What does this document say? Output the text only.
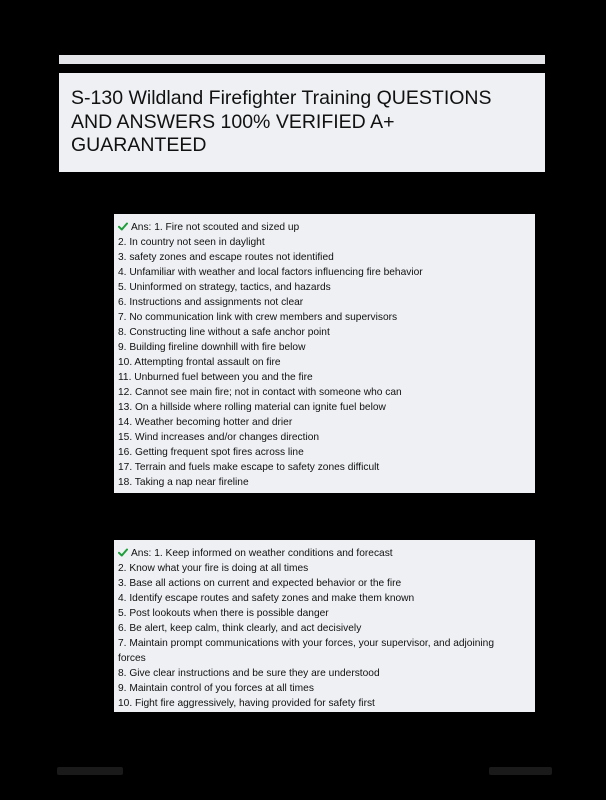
S-130 Wildland Firefighter Training QUESTIONS AND ANSWERS 100% VERIFIED A+ GUARANTEED
Ans: 1. Fire not scouted and sized up
2. In country not seen in daylight
3. safety zones and escape routes not identified
4. Unfamiliar with weather and local factors influencing fire behavior
5. Uninformed on strategy, tactics, and hazards
6. Instructions and assignments not clear
7. No communication link with crew members and supervisors
8. Constructing line without a safe anchor point
9. Building fireline downhill with fire below
10. Attempting frontal assault on fire
11. Unburned fuel between you and the fire
12. Cannot see main fire; not in contact with someone who can
13. On a hillside where rolling material can ignite fuel below
14. Weather becoming hotter and drier
15. Wind increases and/or changes direction
16. Getting frequent spot fires across line
17. Terrain and fuels make escape to safety zones difficult
18. Taking a nap near fireline
Ans: 1. Keep informed on weather conditions and forecast
2. Know what your fire is doing at all times
3. Base all actions on current and expected behavior or the fire
4. Identify escape routes and safety zones and make them known
5. Post lookouts when there is possible danger
6. Be alert, keep calm, think clearly, and act decisively
7. Maintain prompt communications with your forces, your supervisor, and adjoining
forces
8. Give clear instructions and be sure they are understood
9. Maintain control of you forces at all times
10. Fight fire aggressively, having provided for safety first
